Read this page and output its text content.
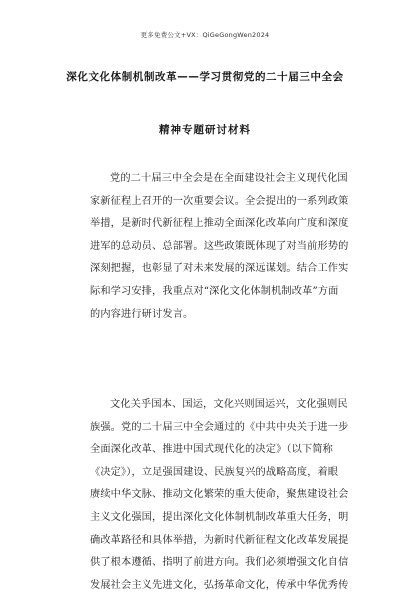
更多免费公文+VX：QiGeGongWen2024
深化文化体制机制改革——学习贯彻党的二十届三中全会
精神专题研讨材料
党的二十届三中全会是在全面建设社会主义现代化国
家新征程上召开的一次重要会议。全会提出的一系列政策
举措，是新时代新征程上推动全面深化改革向广度和深度
进军的总动员、总部署。这些政策既体现了对当前形势的
深刻把握，也彰显了对未来发展的深远谋划。结合工作实
际和学习安排，我重点对“深化文化体制机制改革”方面
的内容进行研讨发言。
文化关乎国本、国运，文化兴则国运兴，文化强则民
族强。党的二十届三中全会通过的《中共中央关于进一步
全面深化改革、推进中国式现代化的决定》（以下简称
《决定》），立足强国建设、民族复兴的战略高度，着眼
赓续中华文脉、推动文化繁荣的重大使命，聚焦建设社会
主义文化强国，提出深化文化体制机制改革重大任务，明
确改革路径和具体举措，为新时代新征程文化改革发展提
供了根本遵循、指明了前进方向。我们必须增强文化自信
发展社会主义先进文化，弘扬革命文化，传承中华优秀传
